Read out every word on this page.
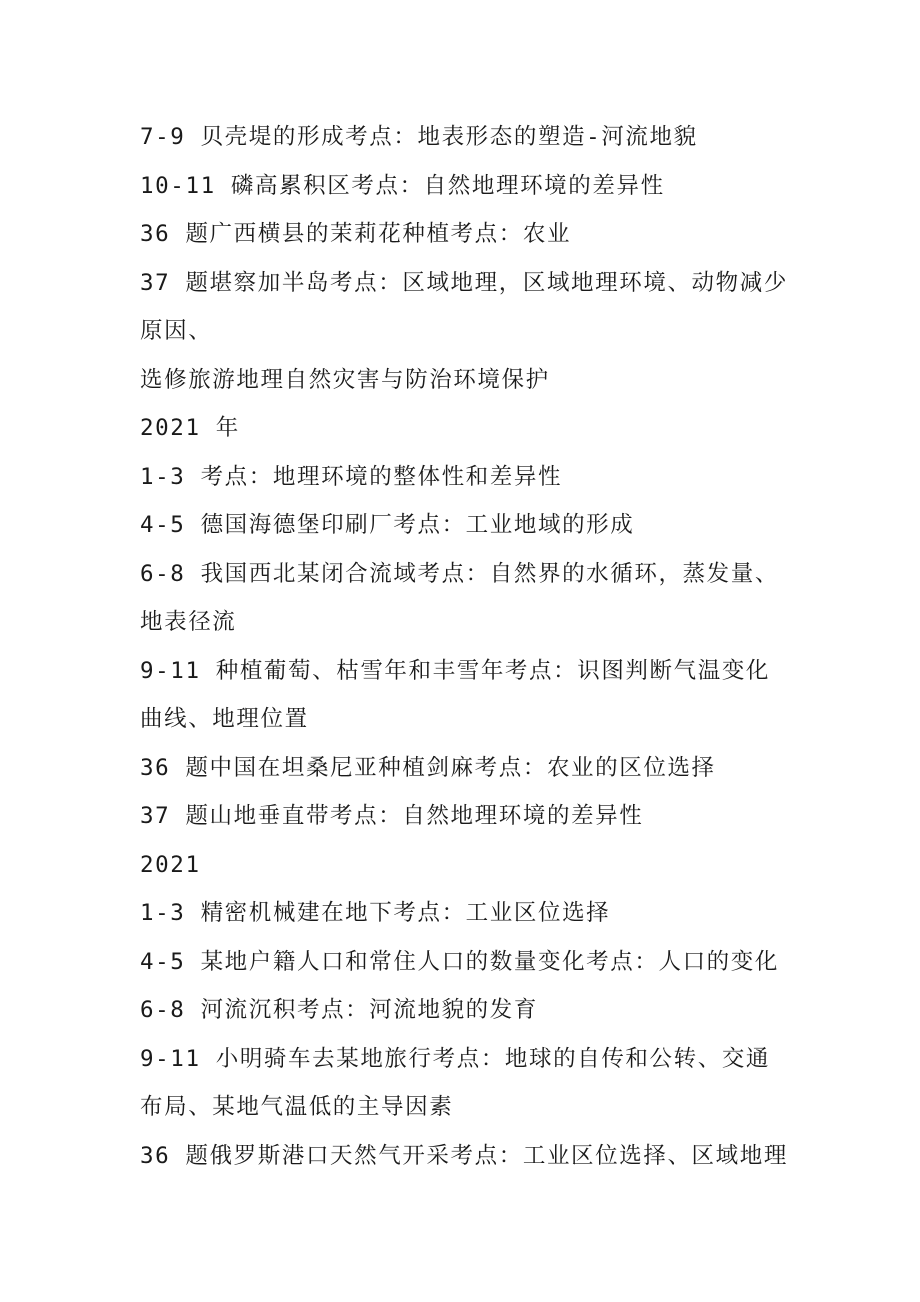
7-9 贝壳堤的形成考点：地表形态的塑造-河流地貌
10-11 磷高累积区考点：自然地理环境的差异性
36 题广西横县的茉莉花种植考点：农业
37 题堪察加半岛考点：区域地理，区域地理环境、动物减少
原因、
选修旅游地理自然灾害与防治环境保护
2021 年
1-3 考点：地理环境的整体性和差异性
4-5 德国海德堡印刷厂考点：工业地域的形成
6-8 我国西北某闭合流域考点：自然界的水循环，蒸发量、
地表径流
9-11 种植葡萄、枯雪年和丰雪年考点：识图判断气温变化
曲线、地理位置
36 题中国在坦桑尼亚种植剑麻考点：农业的区位选择
37 题山地垂直带考点：自然地理环境的差异性
2021
1-3 精密机械建在地下考点：工业区位选择
4-5 某地户籍人口和常住人口的数量变化考点：人口的变化
6-8 河流沉积考点：河流地貌的发育
9-11 小明骑车去某地旅行考点：地球的自传和公转、交通
布局、某地气温低的主导因素
36 题俄罗斯港口天然气开采考点：工业区位选择、区域地理
